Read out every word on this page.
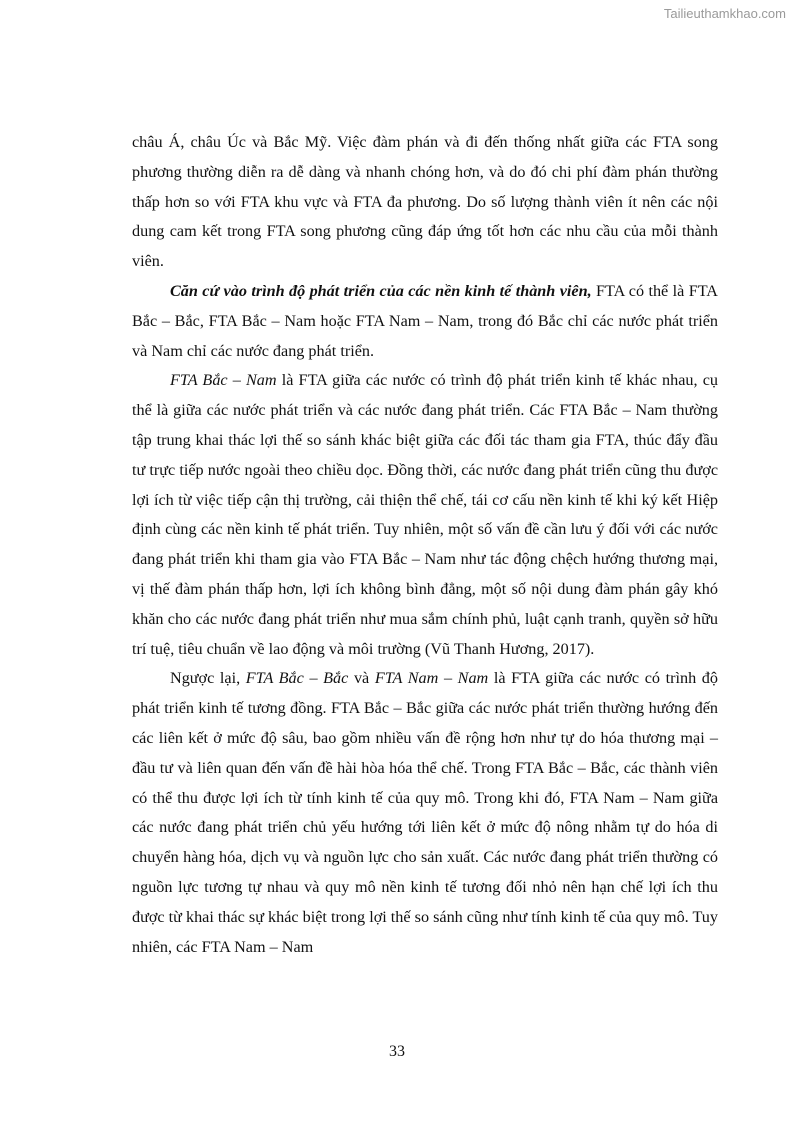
Tailieuthamkhao.com

châu Á, châu Úc và Bắc Mỹ. Việc đàm phán và đi đến thống nhất giữa các FTA song phương thường diễn ra dễ dàng và nhanh chóng hơn, và do đó chi phí đàm phán thường thấp hơn so với FTA khu vực và FTA đa phương. Do số lượng thành viên ít nên các nội dung cam kết trong FTA song phương cũng đáp ứng tốt hơn các nhu cầu của mỗi thành viên.

Căn cứ vào trình độ phát triển của các nền kinh tế thành viên, FTA có thể là FTA Bắc – Bắc, FTA Bắc – Nam hoặc FTA Nam – Nam, trong đó Bắc chỉ các nước phát triển và Nam chỉ các nước đang phát triển.

FTA Bắc – Nam là FTA giữa các nước có trình độ phát triển kinh tế khác nhau, cụ thể là giữa các nước phát triển và các nước đang phát triển. Các FTA Bắc – Nam thường tập trung khai thác lợi thế so sánh khác biệt giữa các đối tác tham gia FTA, thúc đẩy đầu tư trực tiếp nước ngoài theo chiều dọc. Đồng thời, các nước đang phát triển cũng thu được lợi ích từ việc tiếp cận thị trường, cải thiện thể chế, tái cơ cấu nền kinh tế khi ký kết Hiệp định cùng các nền kinh tế phát triển. Tuy nhiên, một số vấn đề cần lưu ý đối với các nước đang phát triển khi tham gia vào FTA Bắc – Nam như tác động chệch hướng thương mại, vị thế đàm phán thấp hơn, lợi ích không bình đẳng, một số nội dung đàm phán gây khó khăn cho các nước đang phát triển như mua sắm chính phủ, luật cạnh tranh, quyền sở hữu trí tuệ, tiêu chuẩn về lao động và môi trường (Vũ Thanh Hương, 2017).

Ngược lại, FTA Bắc – Bắc và FTA Nam – Nam là FTA giữa các nước có trình độ phát triển kinh tế tương đồng. FTA Bắc – Bắc giữa các nước phát triển thường hướng đến các liên kết ở mức độ sâu, bao gồm nhiều vấn đề rộng hơn như tự do hóa thương mại – đầu tư và liên quan đến vấn đề hài hòa hóa thể chế. Trong FTA Bắc – Bắc, các thành viên có thể thu được lợi ích từ tính kinh tế của quy mô. Trong khi đó, FTA Nam – Nam giữa các nước đang phát triển chủ yếu hướng tới liên kết ở mức độ nông nhằm tự do hóa di chuyển hàng hóa, dịch vụ và nguồn lực cho sản xuất. Các nước đang phát triển thường có nguồn lực tương tự nhau và quy mô nền kinh tế tương đối nhỏ nên hạn chế lợi ích thu được từ khai thác sự khác biệt trong lợi thế so sánh cũng như tính kinh tế của quy mô. Tuy nhiên, các FTA Nam – Nam

33
